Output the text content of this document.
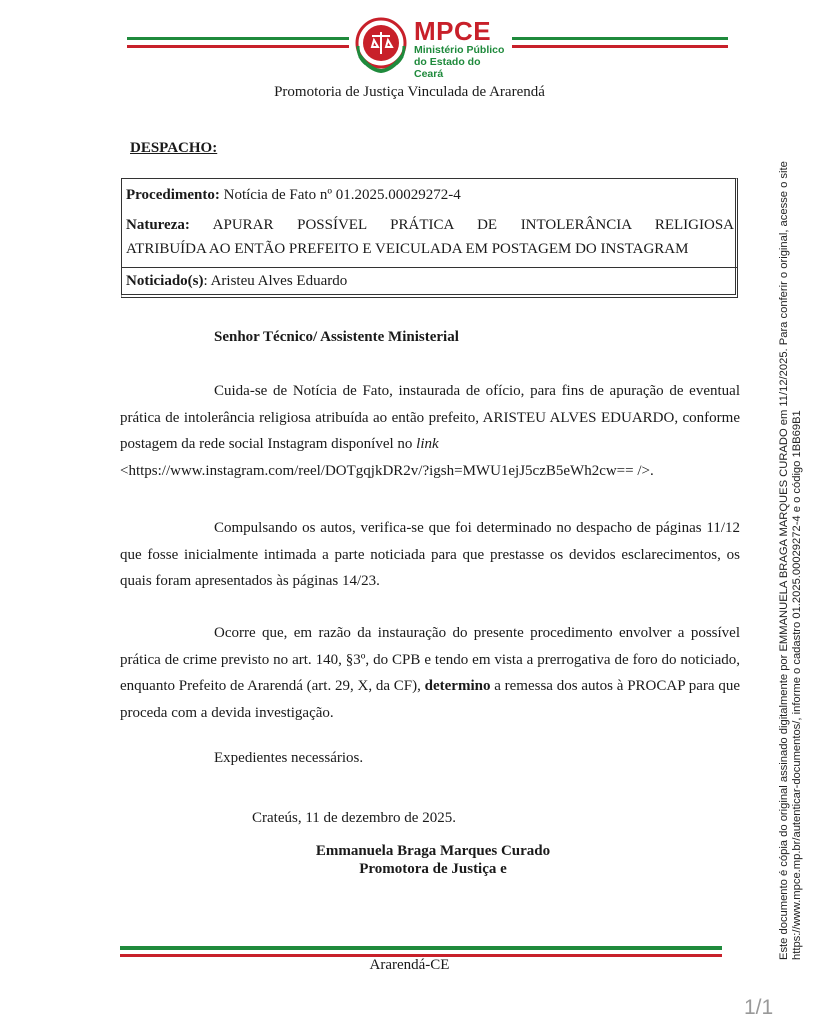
MPCE
Ministério Público
do Estado do Ceará
Promotoria de Justiça Vinculada de Ararendá
DESPACHO:
Procedimento: Notícia de Fato nº 01.2025.00029272-4
Natureza: APURAR POSSÍVEL PRÁTICA DE INTOLERÂNCIA RELIGIOSA
ATRIBUÍDA AO ENTÃO PREFEITO E VEICULADA EM POSTAGEM DO INSTAGRAM
Noticiado(s): Aristeu Alves Eduardo
Senhor Técnico/ Assistente Ministerial
Cuida-se de Notícia de Fato, instaurada de ofício, para fins de apuração de eventual prática de intolerância religiosa atribuída ao então prefeito, ARISTEU ALVES EDUARDO, conforme postagem da rede social Instagram disponível no link
<https://www.instagram.com/reel/DOTgqjkDR2v/?igsh=MWU1ejJ5czB5eWh2cw== />.
Compulsando os autos, verifica-se que foi determinado no despacho de páginas 11/12 que fosse inicialmente intimada a parte noticiada para que prestasse os devidos esclarecimentos, os quais foram apresentados às páginas 14/23.
Ocorre que, em razão da instauração do presente procedimento envolver a possível prática de crime previsto no art. 140, §3º, do CPB e tendo em vista a prerrogativa de foro do noticiado, enquanto Prefeito de Ararendá (art. 29, X, da CF), determino a remessa dos autos à PROCAP para que proceda com a devida investigação.
Expedientes necessários.
Crateús, 11 de dezembro de 2025.
Emmanuela Braga Marques Curado
Promotora de Justiça e
Ararendá-CE
Este documento é cópia do original assinado digitalmente por EMMANUELA BRAGA MARQUES CURADO em 11/12/2025. Para conferir o original, acesse o site https://www.mpce.mp.br/autenticar-documentos/, informe o cadastro 01.2025.00029272-4 e o código 1BB69B1
1/1
